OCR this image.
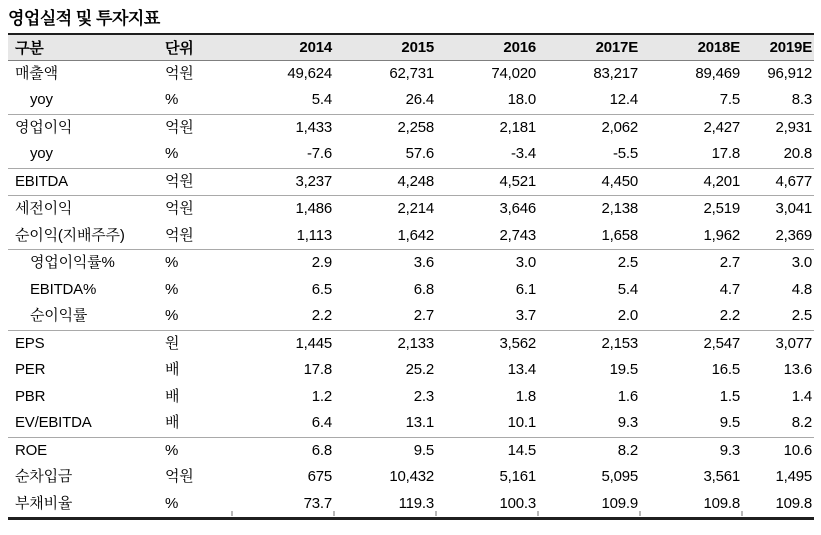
영업실적 및 투자지표
구분	단위	2014	2015	2016	2017E	2018E	2019E
매출액	억원	49,624	62,731	74,020	83,217	89,469	96,912
yoy	%	5.4	26.4	18.0	12.4	7.5	8.3
영업이익	억원	1,433	2,258	2,181	2,062	2,427	2,931
yoy	%	-7.6	57.6	-3.4	-5.5	17.8	20.8
EBITDA	억원	3,237	4,248	4,521	4,450	4,201	4,677
세전이익	억원	1,486	2,214	3,646	2,138	2,519	3,041
순이익(지배주주)	억원	1,113	1,642	2,743	1,658	1,962	2,369
영업이익률%	%	2.9	3.6	3.0	2.5	2.7	3.0
EBITDA%	%	6.5	6.8	6.1	5.4	4.7	4.8
순이익률	%	2.2	2.7	3.7	2.0	2.2	2.5
EPS	원	1,445	2,133	3,562	2,153	2,547	3,077
PER	배	17.8	25.2	13.4	19.5	16.5	13.6
PBR	배	1.2	2.3	1.8	1.6	1.5	1.4
EV/EBITDA	배	6.4	13.1	10.1	9.3	9.5	8.2
ROE	%	6.8	9.5	14.5	8.2	9.3	10.6
순차입금	억원	675	10,432	5,161	5,095	3,561	1,495
부채비율	%	73.7	119.3	100.3	109.9	109.8	109.8
